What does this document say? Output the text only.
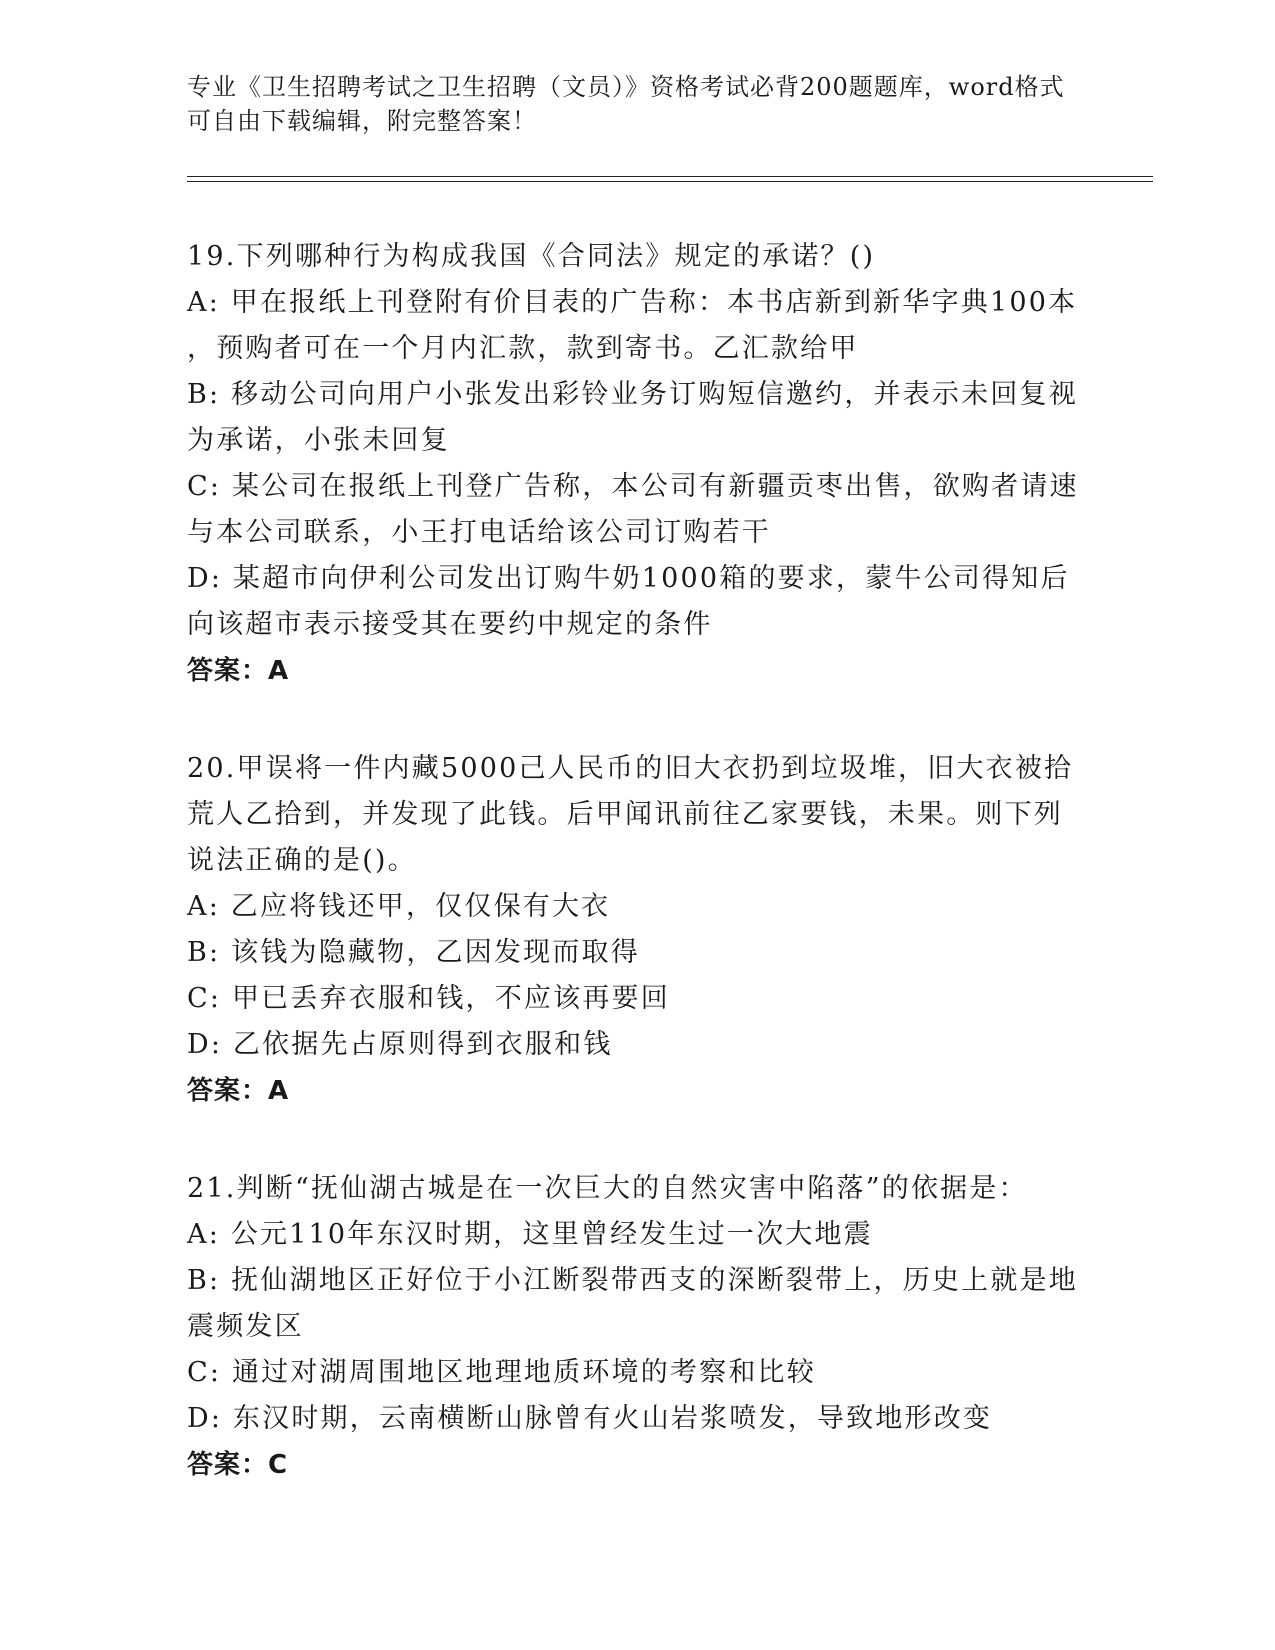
专业《卫生招聘考试之卫生招聘（文员）》资格考试必背200题题库，word格式
可自由下载编辑，附完整答案！
19.下列哪种行为构成我国《合同法》规定的承诺？()
A: 甲在报纸上刊登附有价目表的广告称：本书店新到新华字典100本
，预购者可在一个月内汇款，款到寄书。乙汇款给甲
B: 移动公司向用户小张发出彩铃业务订购短信邀约，并表示未回复视
为承诺，小张未回复
C: 某公司在报纸上刊登广告称，本公司有新疆贡枣出售，欲购者请速
与本公司联系，小王打电话给该公司订购若干
D: 某超市向伊利公司发出订购牛奶1000箱的要求，蒙牛公司得知后
向该超市表示接受其在要约中规定的条件
答案：A
20.甲误将一件内藏5000己人民币的旧大衣扔到垃圾堆，旧大衣被拾
荒人乙拾到，并发现了此钱。后甲闻讯前往乙家要钱，未果。则下列
说法正确的是()。
A: 乙应将钱还甲，仅仅保有大衣
B: 该钱为隐藏物，乙因发现而取得
C: 甲已丢弃衣服和钱，不应该再要回
D: 乙依据先占原则得到衣服和钱
答案：A
21.判断“抚仙湖古城是在一次巨大的自然灾害中陷落”的依据是：
A: 公元110年东汉时期，这里曾经发生过一次大地震
B: 抚仙湖地区正好位于小江断裂带西支的深断裂带上，历史上就是地
震频发区
C: 通过对湖周围地区地理地质环境的考察和比较
D: 东汉时期，云南横断山脉曾有火山岩浆喷发，导致地形改变
答案：C
